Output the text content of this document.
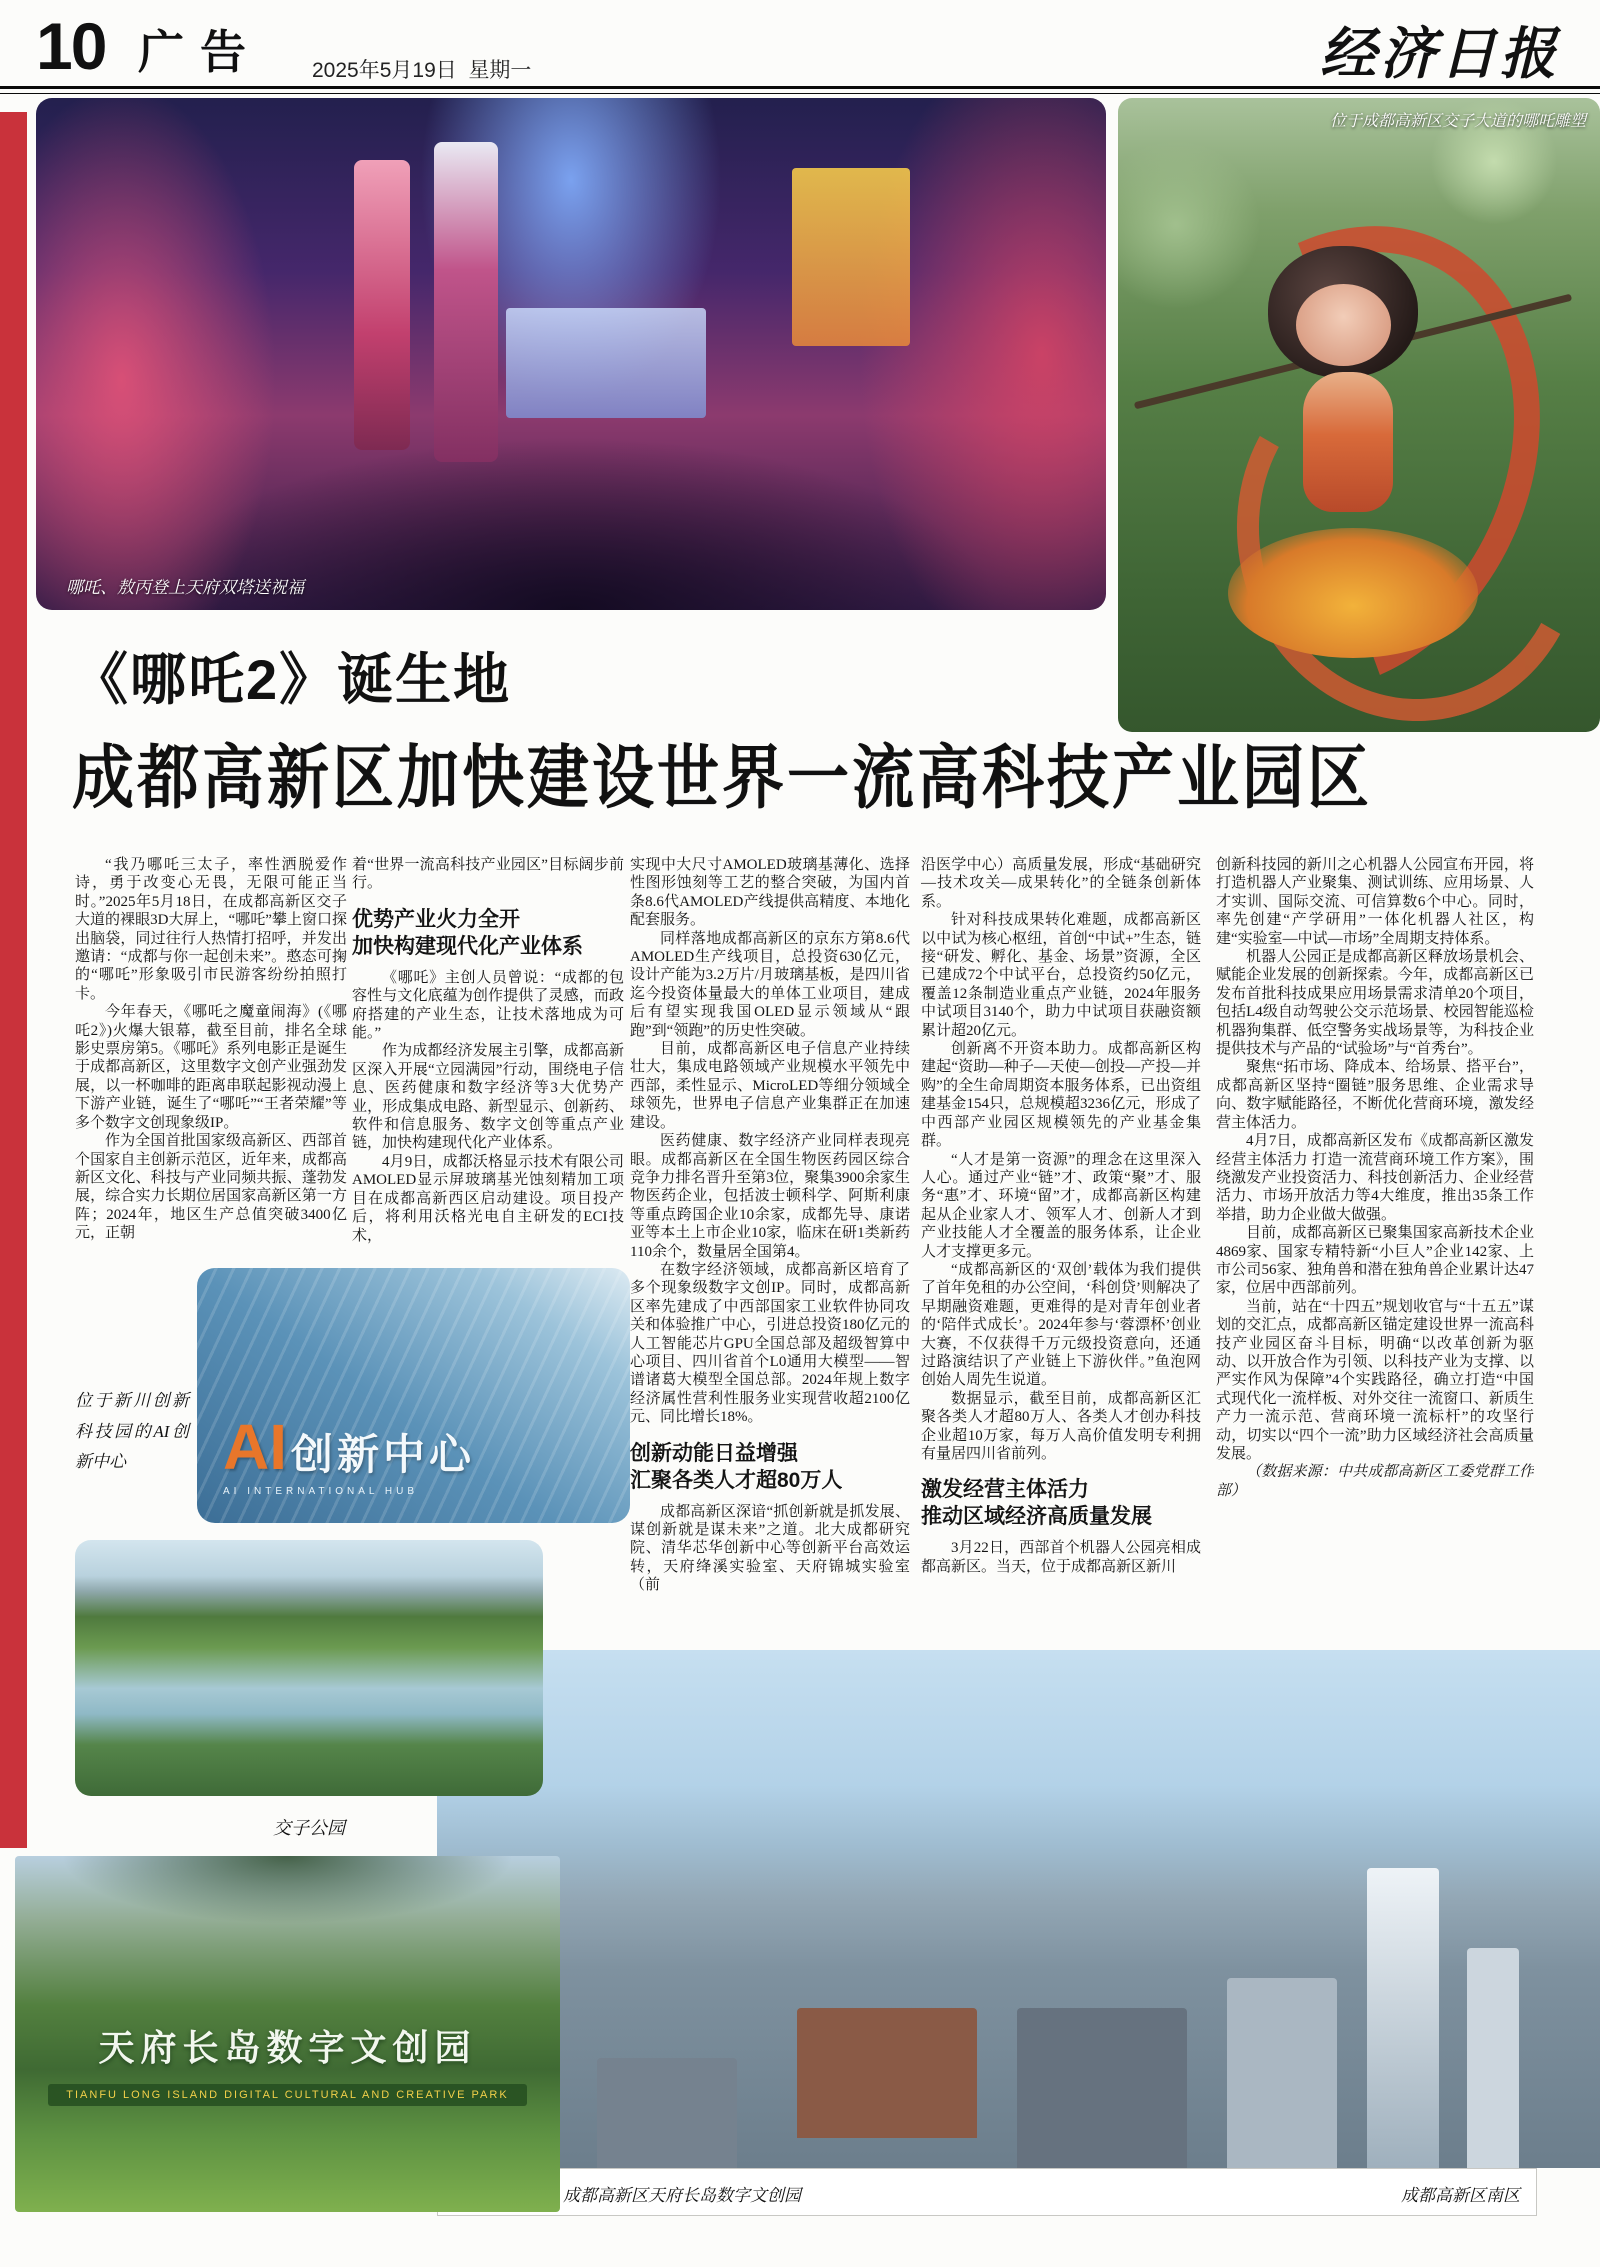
10 广告 2025年5月19日 星期一	经济日报
哪吒、敖丙登上天府双塔送祝福
位于成都高新区交子大道的哪吒雕塑
《哪吒2》诞生地
成都高新区加快建设世界一流高科技产业园区

“我乃哪吒三太子，率性洒脱爱作诗，勇于改变心无畏，无限可能正当时。”2025年5月18日，在成都高新区交子大道的裸眼3D大屏上，“哪吒”攀上窗口探出脑袋，同过往行人热情打招呼，并发出邀请：“成都与你一起创未来”。憨态可掬的“哪吒”形象吸引市民游客纷纷拍照打卡。

今年春天，《哪吒之魔童闹海》(《哪吒2》)火爆大银幕，截至目前，排名全球影史票房第5。《哪吒》系列电影正是诞生于成都高新区，这里数字文创产业强劲发展，以一杯咖啡的距离串联起影视动漫上下游产业链，诞生了“哪吒”“王者荣耀”等多个数字文创现象级IP。

作为全国首批国家级高新区、西部首个国家自主创新示范区，近年来，成都高新区文化、科技与产业同频共振、蓬勃发展，综合实力长期位居国家高新区第一方阵；2024年，地区生产总值突破3400亿元，正朝

着“世界一流高科技产业园区”目标阔步前行。

优势产业火力全开
加快构建现代化产业体系

《哪吒》主创人员曾说：“成都的包容性与文化底蕴为创作提供了灵感，而政府搭建的产业生态，让技术落地成为可能。”

作为成都经济发展主引擎，成都高新区深入开展“立园满园”行动，围绕电子信息、医药健康和数字经济等3大优势产业，形成集成电路、新型显示、创新药、软件和信息服务、数字文创等重点产业链，加快构建现代化产业体系。

4月9日，成都沃格显示技术有限公司AMOLED显示屏玻璃基光蚀刻精加工项目在成都高新西区启动建设。项目投产后，将利用沃格光电自主研发的ECI技术，

实现中大尺寸AMOLED玻璃基薄化、选择性图形蚀刻等工艺的整合突破，为国内首条8.6代AMOLED产线提供高精度、本地化配套服务。

同样落地成都高新区的京东方第8.6代AMOLED生产线项目，总投资630亿元，设计产能为3.2万片/月玻璃基板，是四川省迄今投资体量最大的单体工业项目，建成后有望实现我国OLED显示领域从“跟跑”到“领跑”的历史性突破。

目前，成都高新区电子信息产业持续壮大，集成电路领域产业规模水平领先中西部，柔性显示、MicroLED等细分领域全球领先，世界电子信息产业集群正在加速建设。

医药健康、数字经济产业同样表现亮眼。成都高新区在全国生物医药园区综合竞争力排名晋升至第3位，聚集3900余家生物医药企业，包括波士顿科学、阿斯利康等重点跨国企业10余家，成都先导、康诺亚等本土上市企业10家，临床在研1类新药110余个，数量居全国第4。

在数字经济领域，成都高新区培育了多个现象级数字文创IP。同时，成都高新区率先建成了中西部国家工业软件协同攻关和体验推广中心，引进总投资180亿元的人工智能芯片GPU全国总部及超级智算中心项目、四川省首个L0通用大模型——智谱诸葛大模型全国总部。2024年规上数字经济属性营利性服务业实现营收超2100亿元、同比增长18%。

创新动能日益增强
汇聚各类人才超80万人

成都高新区深谙“抓创新就是抓发展、谋创新就是谋未来”之道。北大成都研究院、清华芯华创新中心等创新平台高效运转，天府绛溪实验室、天府锦城实验室（前

沿医学中心）高质量发展，形成“基础研究—技术攻关—成果转化”的全链条创新体系。

针对科技成果转化难题，成都高新区以中试为核心枢纽，首创“中试+”生态，链接“研发、孵化、基金、场景”资源，全区已建成72个中试平台，总投资约50亿元，覆盖12条制造业重点产业链，2024年服务中试项目3140个，助力中试项目获融资额累计超20亿元。

创新离不开资本助力。成都高新区构建起“资助—种子—天使—创投—产投—并购”的全生命周期资本服务体系，已出资组建基金154只，总规模超3236亿元，形成了中西部产业园区规模领先的产业基金集群。

“人才是第一资源”的理念在这里深入人心。通过产业“链”才、政策“聚”才、服务“惠”才、环境“留”才，成都高新区构建起从企业家人才、领军人才、创新人才到产业技能人才全覆盖的服务体系，让企业人才支撑更多元。

“成都高新区的‘双创’载体为我们提供了首年免租的办公空间，‘科创贷’则解决了早期融资难题，更难得的是对青年创业者的‘陪伴式成长’。2024年参与‘蓉漂杯’创业大赛，不仅获得千万元级投资意向，还通过路演结识了产业链上下游伙伴。”鱼泡网创始人周先生说道。

数据显示，截至目前，成都高新区汇聚各类人才超80万人、各类人才创办科技企业超10万家，每万人高价值发明专利拥有量居四川省前列。

激发经营主体活力
推动区域经济高质量发展

3月22日，西部首个机器人公园亮相成都高新区。当天，位于成都高新区新川

创新科技园的新川之心机器人公园宣布开园，将打造机器人产业聚集、测试训练、应用场景、人才实训、国际交流、可信算数6个中心。同时，率先创建“产学研用”一体化机器人社区，构建“实验室—中试—市场”全周期支持体系。

机器人公园正是成都高新区释放场景机会、赋能企业发展的创新探索。今年，成都高新区已发布首批科技成果应用场景需求清单20个项目，包括L4级自动驾驶公交示范场景、校园智能巡检机器狗集群、低空警务实战场景等，为科技企业提供技术与产品的“试验场”与“首秀台”。

聚焦“拓市场、降成本、给场景、搭平台”，成都高新区坚持“圈链”服务思维、企业需求导向、数字赋能路径，不断优化营商环境，激发经营主体活力。

4月7日，成都高新区发布《成都高新区激发经营主体活力 打造一流营商环境工作方案》，围绕激发产业投资活力、科技创新活力、企业经营活力、市场开放活力等4大维度，推出35条工作举措，助力企业做大做强。

目前，成都高新区已聚集国家高新技术企业4869家、国家专精特新“小巨人”企业142家、上市公司56家、独角兽和潜在独角兽企业累计达47家，位居中西部前列。

当前，站在“十四五”规划收官与“十五五”谋划的交汇点，成都高新区锚定建设世界一流高科技产业园区奋斗目标，明确“以改革创新为驱动、以开放合作为引领、以科技产业为支撑、以严实作风为保障”4个实践路径，确立打造“中国式现代化一流样板、对外交往一流窗口、新质生产力一流示范、营商环境一流标杆”的攻坚行动，切实以“四个一流”助力区域经济社会高质量发展。

（数据来源：中共成都高新区工委党群工作部）

AI 创新中心
AI INTERNATIONAL HUB
位于新川创新科技园的AI创新中心
交子公园
天府长岛数字文创园
TIANFU LONG ISLAND DIGITAL CULTURAL AND CREATIVE PARK
成都高新区天府长岛数字文创园	成都高新区南区
